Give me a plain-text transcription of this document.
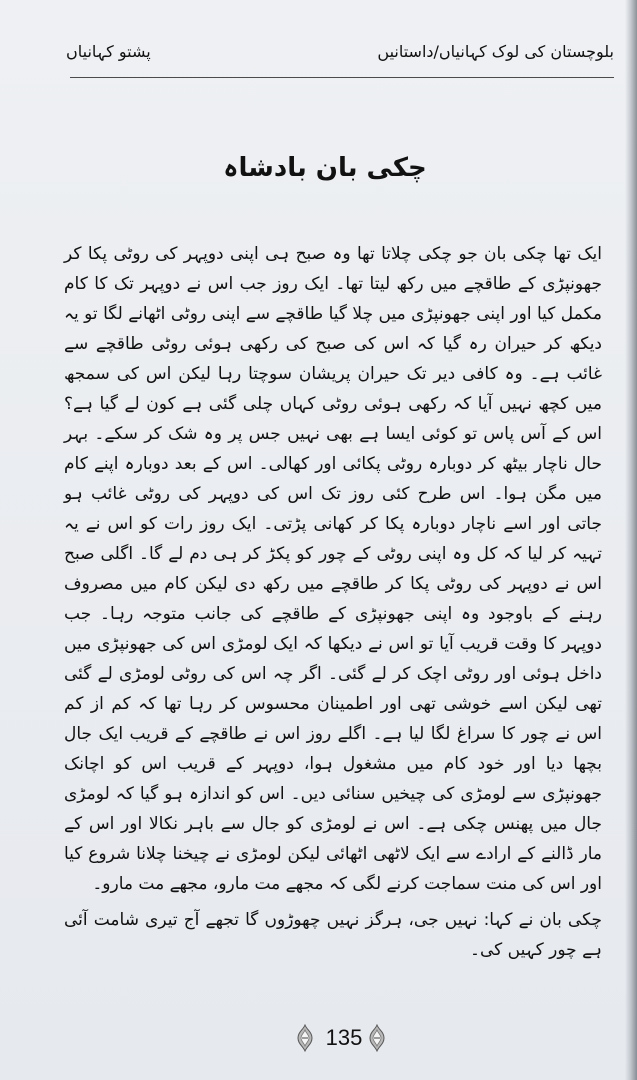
بلوچستان کی لوک کہانیاں/داستانیں
پشتو کہانیاں
چکی بان بادشاہ

ایک تھا چکی بان جو چکی چلاتا تھا وہ صبح ہی اپنی دوپہر کی روٹی پکا کر جھونپڑی کے طاقچے میں رکھ لیتا تھا۔ ایک روز جب اس نے دوپہر تک کا کام مکمل کیا اور اپنی جھونپڑی میں چلا گیا طاقچے سے اپنی روٹی اٹھانے لگا تو یہ دیکھ کر حیران رہ گیا کہ اس کی صبح کی رکھی ہوئی روٹی طاقچے سے غائب ہے۔ وہ کافی دیر تک حیران پریشان سوچتا رہا لیکن اس کی سمجھ میں کچھ نہیں آیا کہ رکھی ہوئی روٹی کہاں چلی گئی ہے کون لے گیا ہے؟ اس کے آس پاس تو کوئی ایسا ہے بھی نہیں جس پر وہ شک کر سکے۔ بہر حال ناچار بیٹھ کر دوبارہ روٹی پکائی اور کھالی۔ اس کے بعد دوبارہ اپنے کام میں مگن ہوا۔ اس طرح کئی روز تک اس کی دوپہر کی روٹی غائب ہو جاتی اور اسے ناچار دوبارہ پکا کر کھانی پڑتی۔ ایک روز رات کو اس نے یہ تہیہ کر لیا کہ کل وہ اپنی روٹی کے چور کو پکڑ کر ہی دم لے گا۔ اگلی صبح اس نے دوپہر کی روٹی پکا کر طاقچے میں رکھ دی لیکن کام میں مصروف رہنے کے باوجود وہ اپنی جھونپڑی کے طاقچے کی جانب متوجہ رہا۔ جب دوپہر کا وقت قریب آیا تو اس نے دیکھا کہ ایک لومڑی اس کی جھونپڑی میں داخل ہوئی اور روٹی اچک کر لے گئی۔ اگر چہ اس کی روٹی لومڑی لے گئی تھی لیکن اسے خوشی تھی اور اطمینان محسوس کر رہا تھا کہ کم از کم اس نے چور کا سراغ لگا لیا ہے۔ اگلے روز اس نے طاقچے کے قریب ایک جال بچھا دیا اور خود کام میں مشغول ہوا، دوپہر کے قریب اس کو اچانک جھونپڑی سے لومڑی کی چیخیں سنائی دیں۔ اس کو اندازہ ہو گیا کہ لومڑی جال میں پھنس چکی ہے۔ اس نے لومڑی کو جال سے باہر نکالا اور اس کے مار ڈالنے کے ارادے سے ایک لاٹھی اٹھائی لیکن لومڑی نے چیخنا چلانا شروع کیا اور اس کی منت سماجت کرنے لگی کہ مجھے مت مارو، مجھے مت مارو۔

چکی بان نے کہا: نہیں جی، ہرگز نہیں چھوڑوں گا تجھے آج تیری شامت آئی ہے چور کہیں کی۔

135
